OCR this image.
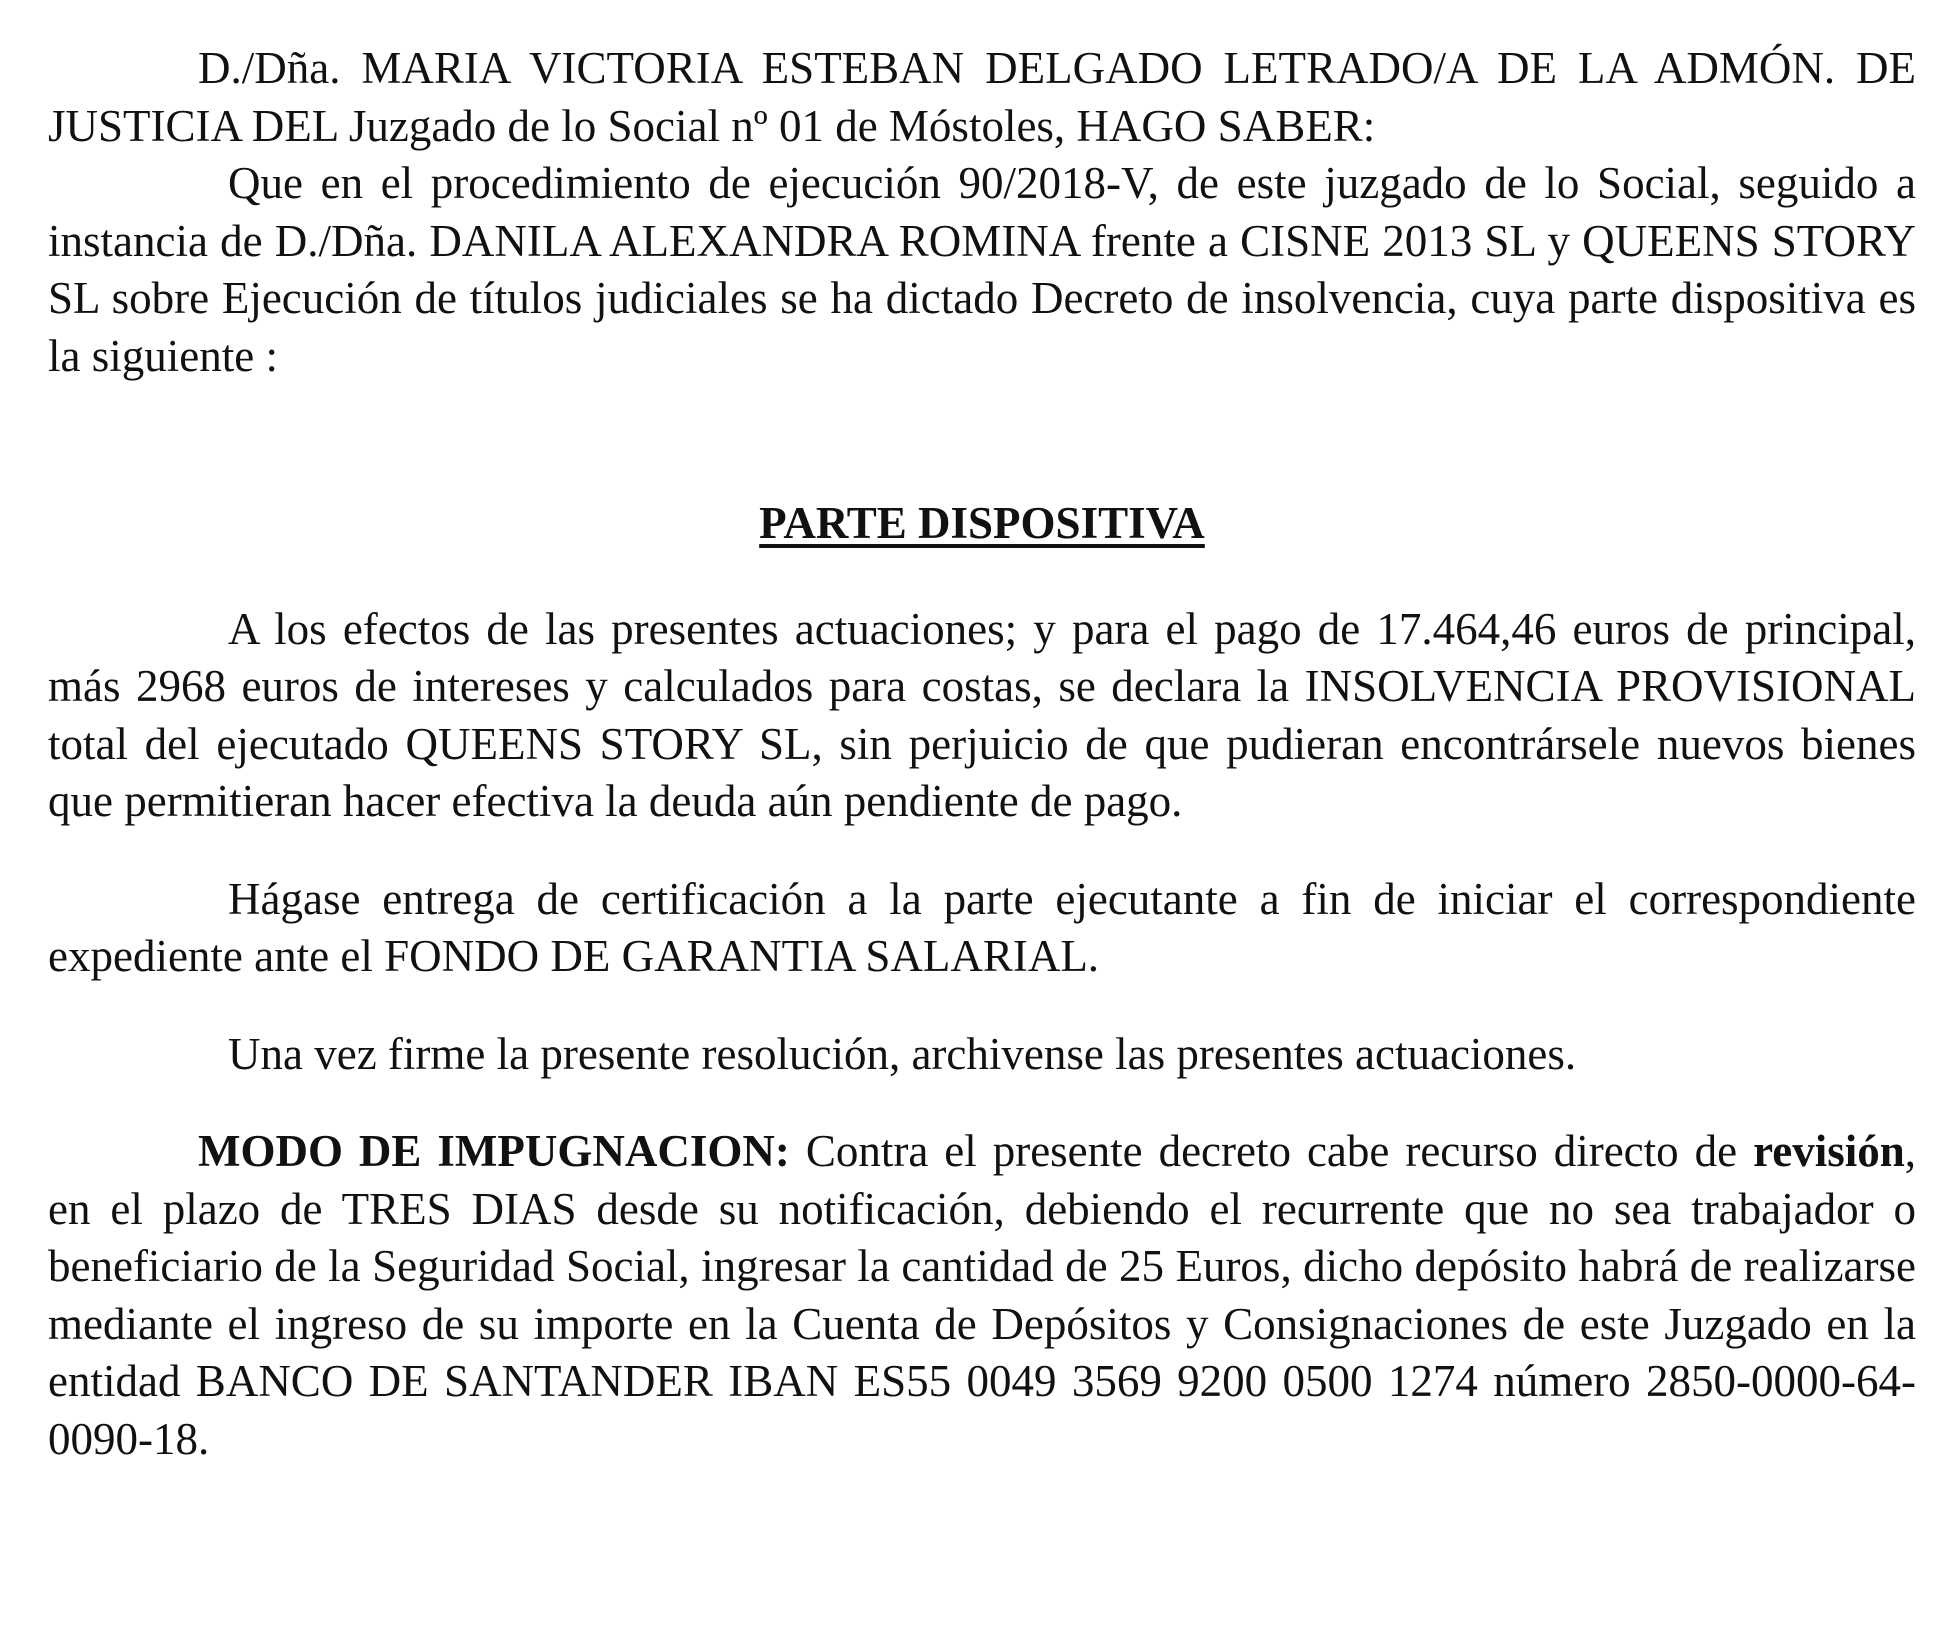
D./Dña. MARIA VICTORIA ESTEBAN DELGADO LETRADO/A DE LA ADMÓN. DE JUSTICIA DEL Juzgado de lo Social nº 01 de Móstoles, HAGO SABER:

Que en el procedimiento de ejecución 90/2018-V, de este juzgado de lo Social, seguido a instancia de D./Dña. DANILA ALEXANDRA ROMINA frente a CISNE 2013 SL y QUEENS STORY SL sobre Ejecución de títulos judiciales se ha dictado Decreto de insolvencia, cuya parte dispositiva es la siguiente :

PARTE DISPOSITIVA

A los efectos de las presentes actuaciones; y para el pago de 17.464,46 euros de principal, más 2968 euros de intereses y calculados para costas, se declara la INSOLVENCIA PROVISIONAL total del ejecutado QUEENS STORY SL, sin perjuicio de que pudieran encontrársele nuevos bienes que permitieran hacer efectiva la deuda aún pendiente de pago.

Hágase entrega de certificación a la parte ejecutante a fin de iniciar el correspondiente expediente ante el FONDO DE GARANTIA SALARIAL.

Una vez firme la presente resolución, archivense las presentes actuaciones.

MODO DE IMPUGNACION: Contra el presente decreto cabe recurso directo de revisión, en el plazo de TRES DIAS desde su notificación, debiendo el recurrente que no sea trabajador o beneficiario de la Seguridad Social, ingresar la cantidad de 25 Euros, dicho depósito habrá de realizarse mediante el ingreso de su importe en la Cuenta de Depósitos y Consignaciones de este Juzgado en la entidad BANCO DE SANTANDER IBAN ES55 0049 3569 9200 0500 1274 número 2850-0000-64-0090-18.
